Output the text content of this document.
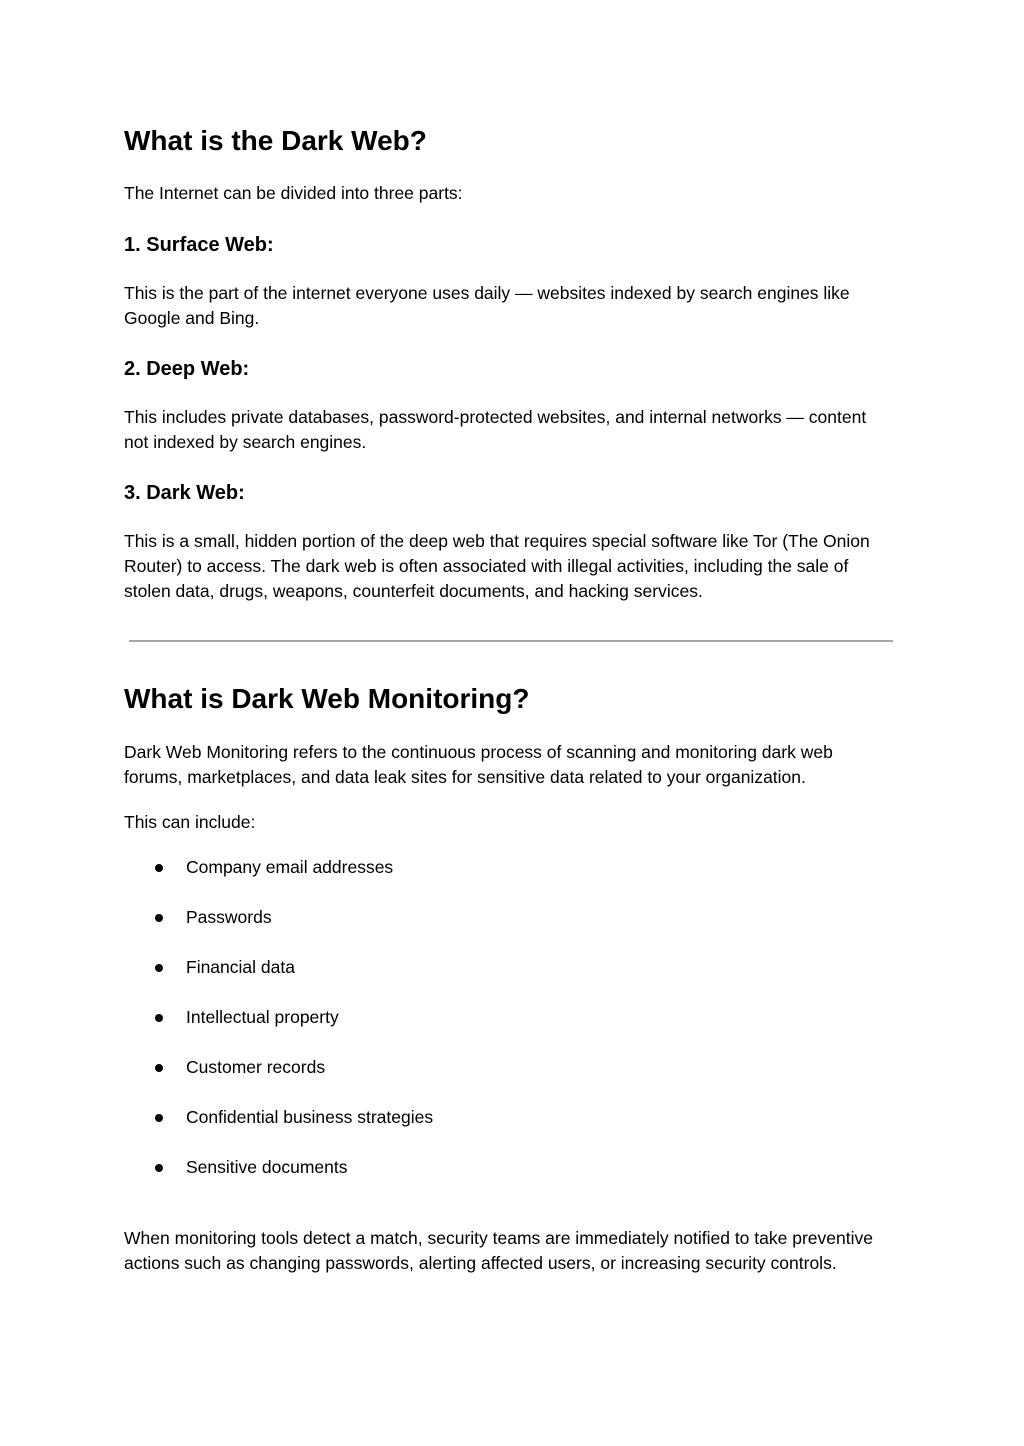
What is the Dark Web?

The Internet can be divided into three parts:

1. Surface Web:

This is the part of the internet everyone uses daily — websites indexed by search engines like Google and Bing.

2. Deep Web:

This includes private databases, password-protected websites, and internal networks — content not indexed by search engines.

3. Dark Web:

This is a small, hidden portion of the deep web that requires special software like Tor (The Onion Router) to access. The dark web is often associated with illegal activities, including the sale of stolen data, drugs, weapons, counterfeit documents, and hacking services.

What is Dark Web Monitoring?

Dark Web Monitoring refers to the continuous process of scanning and monitoring dark web forums, marketplaces, and data leak sites for sensitive data related to your organization.

This can include:

Company email addresses
Passwords
Financial data
Intellectual property
Customer records
Confidential business strategies
Sensitive documents

When monitoring tools detect a match, security teams are immediately notified to take preventive actions such as changing passwords, alerting affected users, or increasing security controls.
